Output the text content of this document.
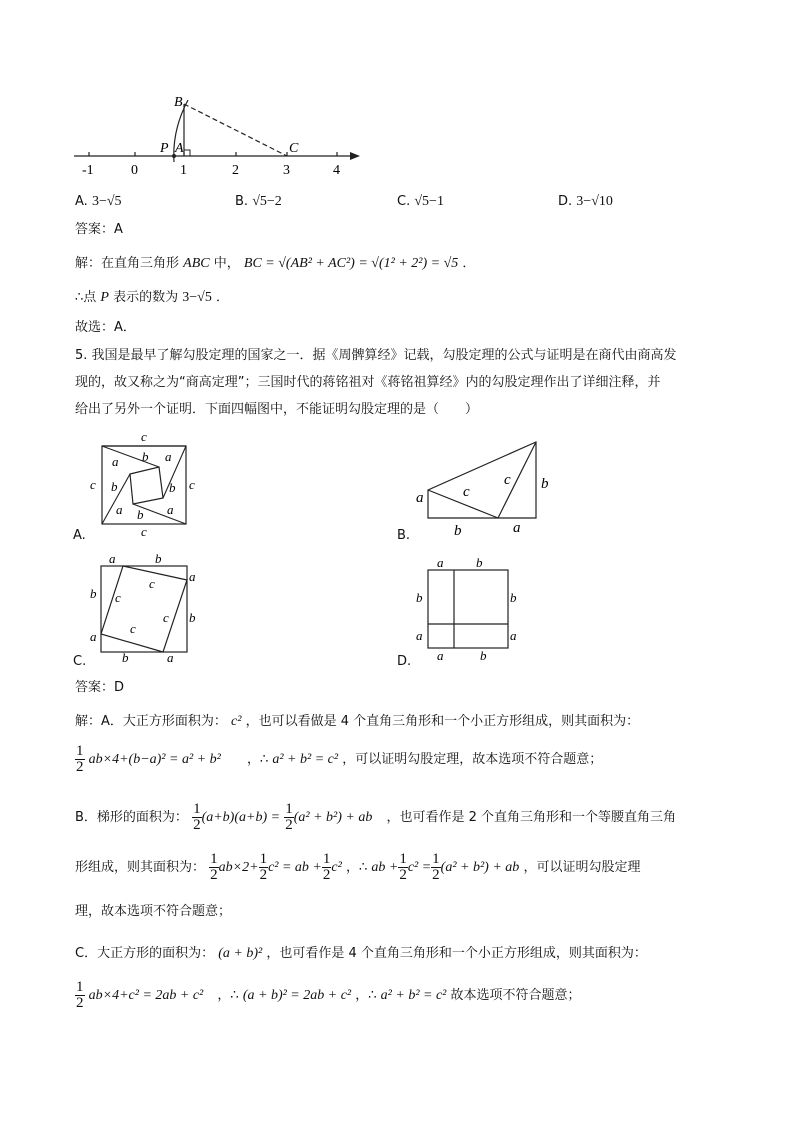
-1	0	1	2	3	4
B
P A	C
A. 3−√5	B. √5−2	C. √5−1	D. 3−√10
答案：A
解：在直角三角形 ABC 中， BC = √(AB² + AC²) = √(1² + 2²) = √5 ．
∴点 P 表示的数为 3−√5 ．
故选：A．
5. 我国是最早了解勾股定理的国家之一．据《周髀算经》记载，勾股定理的公式与证明是在商代由商高发
现的，故又称之为“商高定理”；三国时代的蒋铭祖对《蒋铭祖算经》内的勾股定理作出了详细注释，并
给出了另外一个证明．下面四幅图中，不能证明勾股定理的是（　　）
c
c
c	c
a b a
b
a
b
a
b
A.
a	c
c b
b	a
B.
a	b
a
b
a
b
a
b
c
c
c
c
C.
a	b
b	b
a	a
a	b
D.
答案：D
解：A．大正方形面积为： c² ，也可以看做是 4 个直角三角形和一个小正方形组成，则其面积为：
$\frac{1}{2} ab\times 4+(b-a)^2 = a^2 + b^2$ ，∴ a² + b² = c² ，可以证明勾股定理，故本选项不符合题意；
B．梯形的面积为： $\frac{1}{2} (a+b)(a+b) = \frac{1}{2} (a^2 + b^2)$ + ab ，也可看作是 2 个直角三角形和一个等腰直角三角
形组成，则其面积为： $\frac{1}{2} ab\times 2+ \frac{1}{2} c^2$ = ab + $\frac{1}{2} c^2$ ，∴ ab + $\frac{1}{2} c^2 = \frac{1}{2} (a^2 + b^2)$ + ab ，可以证明勾股定理
理，故本选项不符合题意；
C．大正方形的面积为： (a + b)² ，也可看作是 4 个直角三角形和一个小正方形组成，则其面积为：
$\frac{1}{2} ab\times 4+c^2 = 2ab + c^2$ ，∴ (a + b)² = 2ab + c² ，∴ a² + b² = c² 故本选项不符合题意；
